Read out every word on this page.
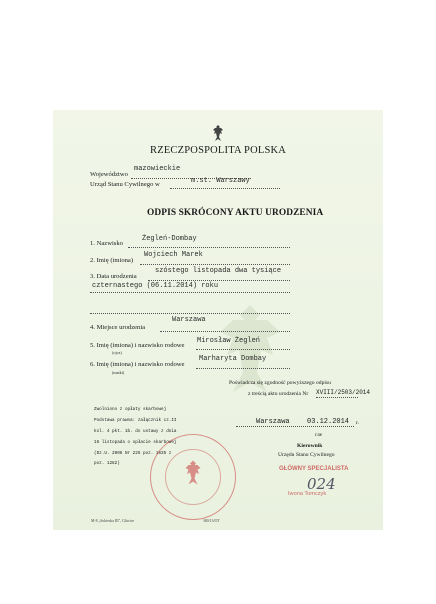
RZECZPOSPOLITA POLSKA
Województwo
mazowieckie
Urząd Stanu Cywilnego w	m.st. Warszawy
ODPIS SKRÓCONY AKTU URODZENIA
1. Nazwisko
Żegleń-Dombay
2. Imię (imiona)
Wojciech Marek
3. Data urodzenia
szóstego listopada dwa tysiące
czternastego (06.11.2014) roku
4. Miejsce urodzenia
Warszawa
5. Imię (imiona) i nazwisko rodowe
(ojca)
Mirosław Żegleń
6. Imię (imiona) i nazwisko rodowe
(matki)
Marharyta Dombay
Poświadcza się zgodność powyższego odpisu
z treścią aktu urodzenia Nr XVIII/2503/2014
Warszawa 03.12.2014 r.

Zwolniono z opłaty skarbowej

Podstawa prawna: załącznik cz.II

kol. 4 pkt. 1b. do ustawy z dnia

16 listopada o opłacie skarbowej

(Dz.U. 2006 Nr 225 poz. 1635 z

poz. 1282)

r.ne
Kierownik
Urzędu Stanu Cywilnego
GŁÓWNY SPECJALISTA
024
Iwona Tomczyk
M-8 „Sobieska III", Gliwice	380/13/OT
